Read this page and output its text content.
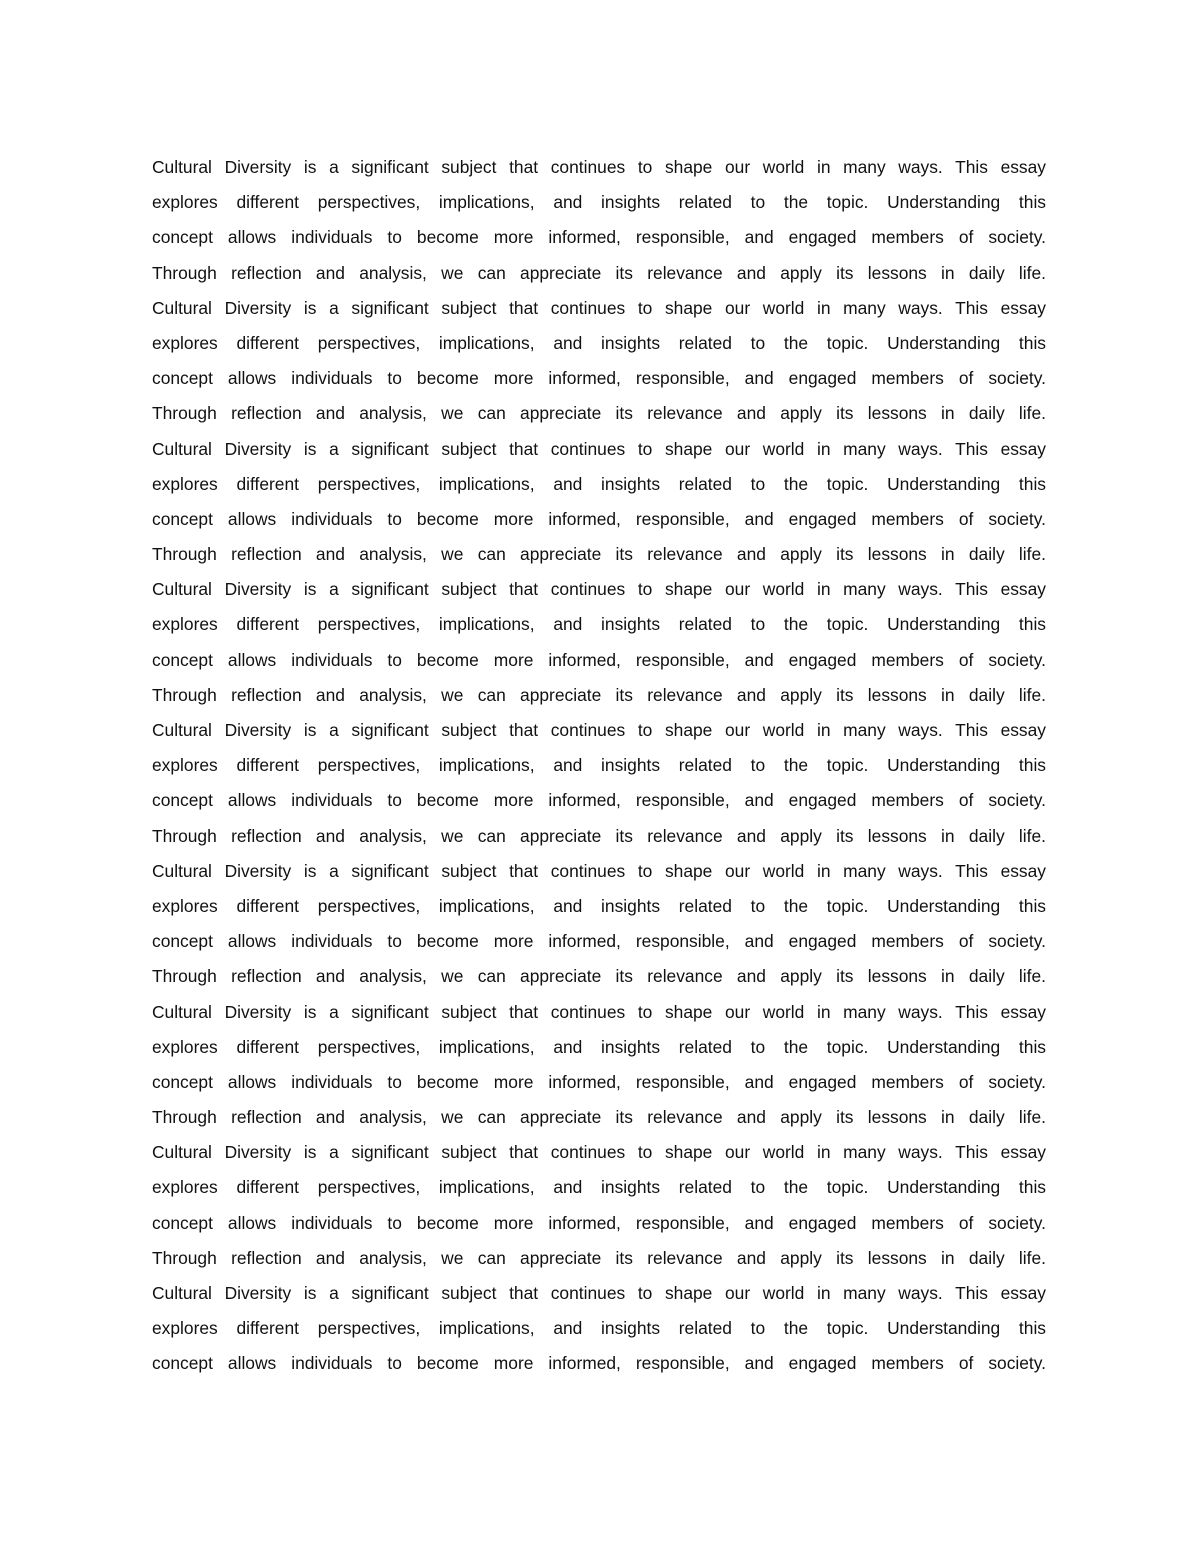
Cultural Diversity is a significant subject that continues to shape our world in many ways. This essay
explores different perspectives, implications, and insights related to the topic. Understanding this
concept allows individuals to become more informed, responsible, and engaged members of society.
Through reflection and analysis, we can appreciate its relevance and apply its lessons in daily life.
Cultural Diversity is a significant subject that continues to shape our world in many ways. This essay
explores different perspectives, implications, and insights related to the topic. Understanding this
concept allows individuals to become more informed, responsible, and engaged members of society.
Through reflection and analysis, we can appreciate its relevance and apply its lessons in daily life.
Cultural Diversity is a significant subject that continues to shape our world in many ways. This essay
explores different perspectives, implications, and insights related to the topic. Understanding this
concept allows individuals to become more informed, responsible, and engaged members of society.
Through reflection and analysis, we can appreciate its relevance and apply its lessons in daily life.
Cultural Diversity is a significant subject that continues to shape our world in many ways. This essay
explores different perspectives, implications, and insights related to the topic. Understanding this
concept allows individuals to become more informed, responsible, and engaged members of society.
Through reflection and analysis, we can appreciate its relevance and apply its lessons in daily life.
Cultural Diversity is a significant subject that continues to shape our world in many ways. This essay
explores different perspectives, implications, and insights related to the topic. Understanding this
concept allows individuals to become more informed, responsible, and engaged members of society.
Through reflection and analysis, we can appreciate its relevance and apply its lessons in daily life.
Cultural Diversity is a significant subject that continues to shape our world in many ways. This essay
explores different perspectives, implications, and insights related to the topic. Understanding this
concept allows individuals to become more informed, responsible, and engaged members of society.
Through reflection and analysis, we can appreciate its relevance and apply its lessons in daily life.
Cultural Diversity is a significant subject that continues to shape our world in many ways. This essay
explores different perspectives, implications, and insights related to the topic. Understanding this
concept allows individuals to become more informed, responsible, and engaged members of society.
Through reflection and analysis, we can appreciate its relevance and apply its lessons in daily life.
Cultural Diversity is a significant subject that continues to shape our world in many ways. This essay
explores different perspectives, implications, and insights related to the topic. Understanding this
concept allows individuals to become more informed, responsible, and engaged members of society.
Through reflection and analysis, we can appreciate its relevance and apply its lessons in daily life.
Cultural Diversity is a significant subject that continues to shape our world in many ways. This essay
explores different perspectives, implications, and insights related to the topic. Understanding this
concept allows individuals to become more informed, responsible, and engaged members of society.
